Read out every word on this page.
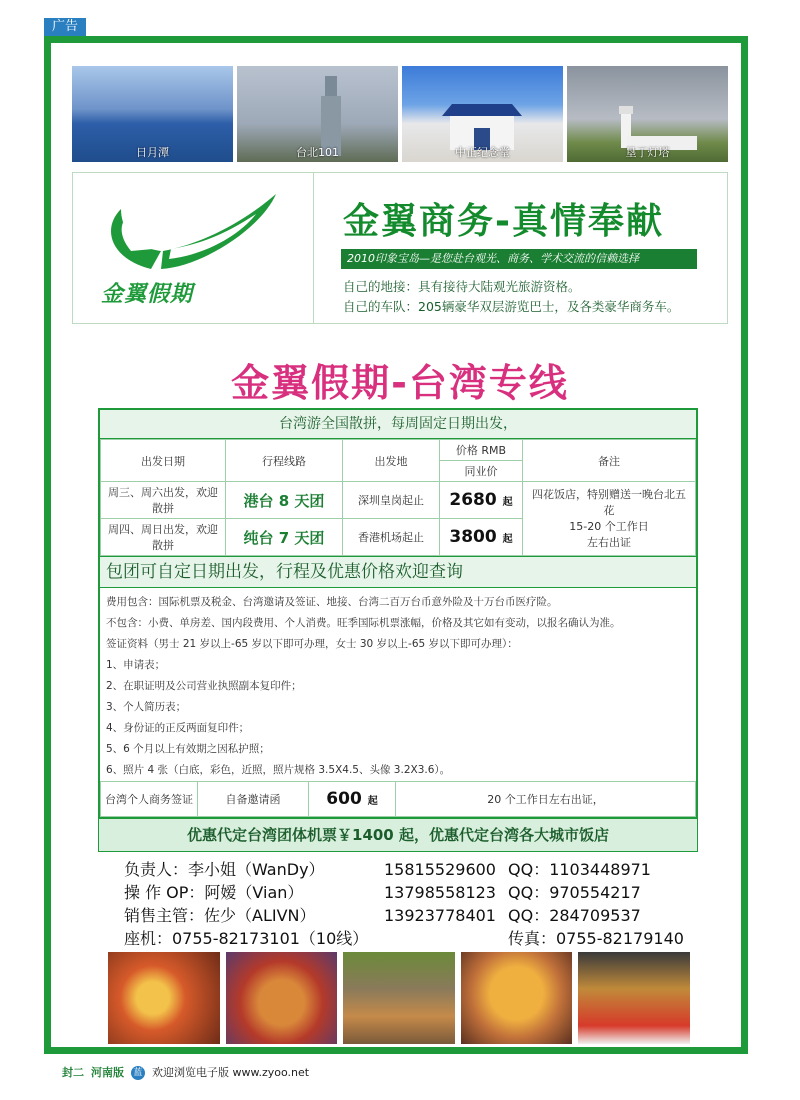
广告
日月潭	台北101	中正纪念堂	垦丁灯塔
金翼假期
金翼商务-真情奉献
2010印象宝岛—是您赴台观光、商务、学术交流的信赖选择
自己的地接：具有接待大陆观光旅游资格。
自己的车队：205辆豪华双层游览巴士，及各类豪华商务车。
金翼假期-台湾专线
台湾游全国散拼，每周固定日期出发，
出发日期	行程线路	出发地	价格 RMB	备注
			同业价	
周三、周六出发，欢迎散拼	港台 8 天团	深圳皇岗起止	2680 起	四花饭店，特别赠送一晚台北五
花
15-20 个工作日
左右出证

周四、周日出发，欢迎散拼	纯台 7 天团	香港机场起止	3800 起	
包团可自定日期出发，行程及优惠价格欢迎查询
费用包含：国际机票及税金、台湾邀请及签证、地接、台湾二百万台币意外险及十万台币医疗险。
不包含：小费、单房差、国内段费用、个人消费。旺季国际机票涨幅，价格及其它如有变动，以报名确认为准。
签证资料（男士 21 岁以上-65 岁以下即可办理，女士 30 岁以上-65 岁以下即可办理）：
1、申请表；
2、在职证明及公司营业执照副本复印件；
3、个人简历表；
4、身份证的正反两面复印件；
5、6 个月以上有效期之因私护照；
6、照片 4 张（白底，彩色，近照，照片规格 3.5X4.5、头像 3.2X3.6）。
台湾个人商务签证	自备邀请函	600 起	20 个工作日左右出证，
优惠代定台湾团体机票￥1400 起，优惠代定台湾各大城市饭店
负责人：李小姐（WanDy）	15815529600 QQ：1103448971
操 作 OP：阿嫒（Vian）	13798558123 QQ：970554217
销售主管：佐少（ALIVN）	13923778401 QQ：284709537
座机：0755-82173101（10线）	传真：0755-82179140
封二 河南版 蓝 欢迎浏览电子版 www.zyoo.net
